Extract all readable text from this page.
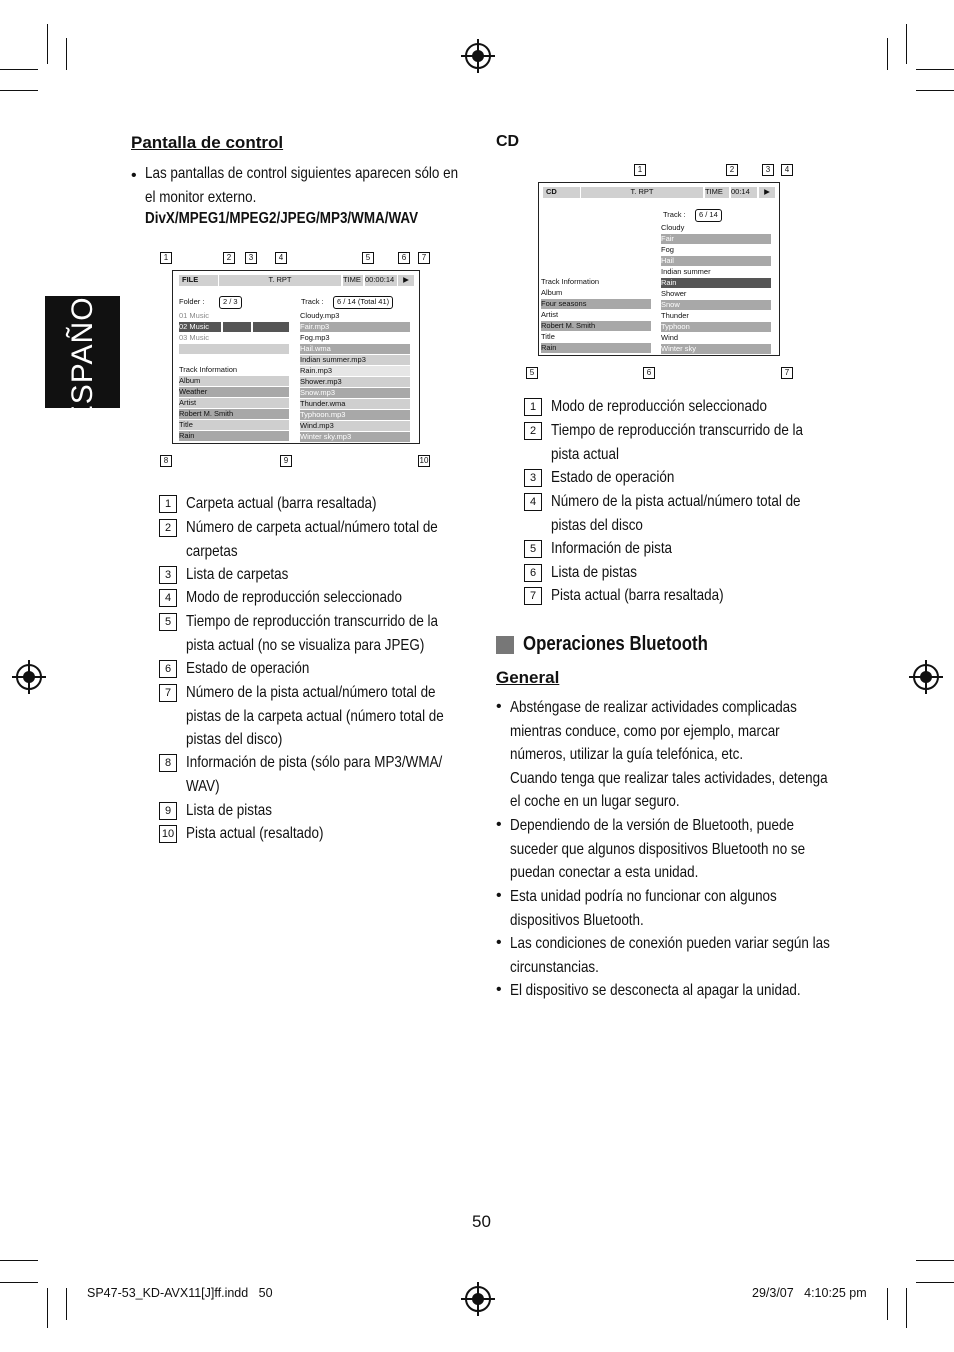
ESPAÑOL
Pantalla de control
• Las pantallas de control siguientes aparecen sólo en
el monitor externo.
DivX/MPEG1/MPEG2/JPEG/MP3/WMA/WAV
1	2	3	4	5	6	7
8	9	10
FILE	T. RPT	TIME 00:00:14	▶
Folder :	2 / 3	Track :	6 / 14 (Total 41)
01 Music
02 Music
03 Music
Track Information
Album
Weather
Artist
Robert M. Smith
Title
Rain
Cloudy.mp3
Fair.mp3
Fog.mp3
Hail.wma
Indian summer.mp3
Rain.mp3
Shower.mp3
Snow.mp3
Thunder.wma
Typhoon.mp3
Wind.mp3
Winter sky.mp3
1 Carpeta actual (barra resaltada)
2 Número de carpeta actual/número total de
carpetas
3 Lista de carpetas
4 Modo de reproducción seleccionado
5 Tiempo de reproducción transcurrido de la
pista actual (no se visualiza para JPEG)
6 Estado de operación
7 Número de la pista actual/número total de
pistas de la carpeta actual (número total de
pistas del disco)
8 Información de pista (sólo para MP3/WMA/
WAV)
9 Lista de pistas
10 Pista actual (resaltado)
CD
1	2	3	4
5	6	7
CD	T. RPT	TIME	00:14	▶
Track :	6 / 14
Track Information
Album
Four seasons
Artist
Robert M. Smith
Title
Rain
Cloudy
Fair
Fog
Hail
Indian summer
Rain
Shower
Snow
Thunder
Typhoon
Wind
Winter sky
1 Modo de reproducción seleccionado
2 Tiempo de reproducción transcurrido de la
pista actual
3 Estado de operación
4 Número de la pista actual/número total de
pistas del disco
5 Información de pista
6 Lista de pistas
7 Pista actual (barra resaltada)
Operaciones Bluetooth
General
• Absténgase de realizar actividades complicadas
mientras conduce, como por ejemplo, marcar
números, utilizar la guía telefónica, etc.
Cuando tenga que realizar tales actividades, detenga
el coche en un lugar seguro.
• Dependiendo de la versión de Bluetooth, puede
suceder que algunos dispositivos Bluetooth no se
puedan conectar a esta unidad.
• Esta unidad podría no funcionar con algunos
dispositivos Bluetooth.
• Las condiciones de conexión pueden variar según las
circunstancias.
• El dispositivo se desconecta al apagar la unidad.
50
SP47-53_KD-AVX11[J]ff.indd   50	29/3/07   4:10:25 pm
